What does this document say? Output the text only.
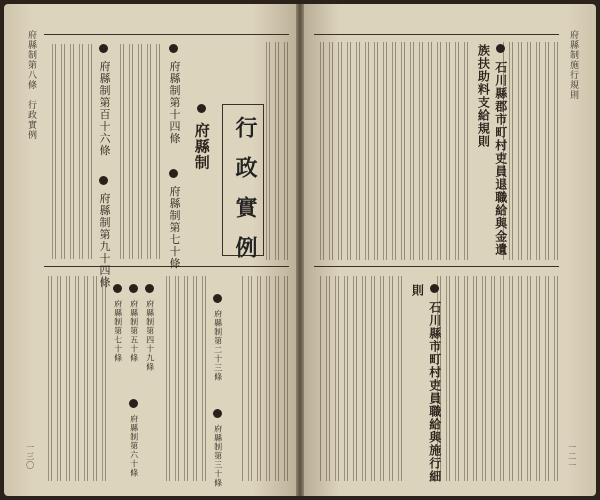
府縣制第八條　行政實例
一三〇
行政實例
府縣制
府縣制第十四條
府縣制第七十條
府縣制第百十六條
府縣制第九十四條
府縣制第二十三條
府縣制第三十條
府縣制第四十九條
府縣制第五十條
府縣制第六十條
府縣制第七十條
府縣制施行規則
一二一
石川縣郡市町村吏員退職給與金遺族扶助料支給規則
石川縣市町村吏員職給與施行細則
